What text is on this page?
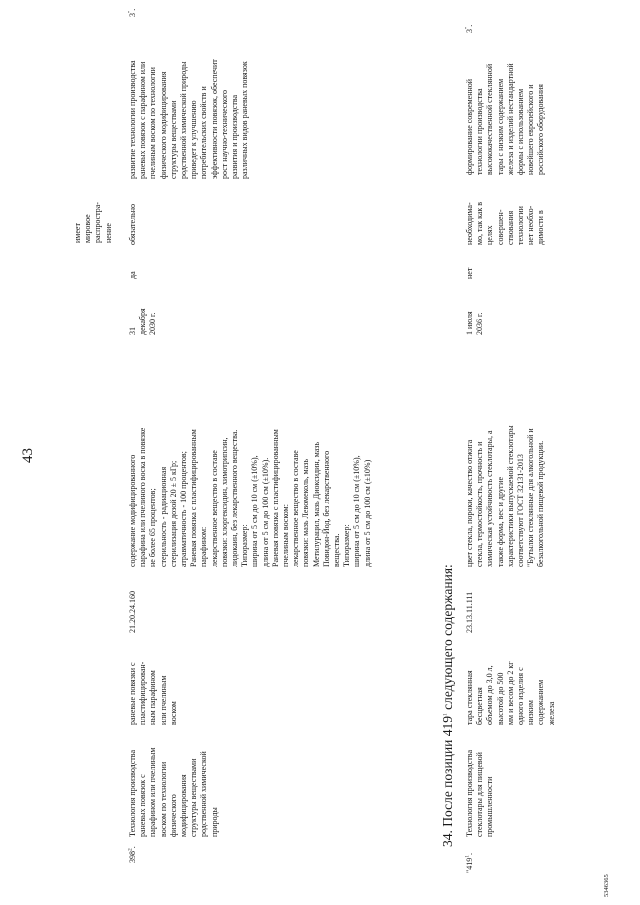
43
$398^2$.
Технология производства раневых повязок с парафином или пчелиным воском по технологии физического модифицирования структуры веществами родственной химической природы
раневые повязки с пластифицирован- ным парафином или пчелиным воском
21.20.24.160
содержание модифицированного парафина или пчелиного воска в повязке не более 65 процентов; стерильность - радиационная стерилизация дозой 20 ± 5 кГр; атравматичность - 100 процентов; Раневая повязка с пластифицированным парафином: лекарственное вещество в составе повязки: хлоргексидин, химотрипсин, лидокаин, без лекарственного вещества. Типоразмер: ширина от 5 см до 10 см (±10%), длина от 5 см до 100 см (±10%). Раневая повязка с пластифицированным пчелиным воском: лекарственное вещество в составе повязки: мазь Левомеколь, мазь Метилурацил, мазь Диоксидин, мазь Повидон-Йод, без лекарственного вещества. Типоразмер: ширина от 5 см до 10 см (±10%), длина от 5 см до 100 см (±10%)
31 декабря 2030 г.
да
обязательно
имеет мировое распростра- нение
развитие технологии производства раневых повязок с парафином или пчелиным воском по технологии физического модифицирования структуры веществами родственной химической природы приведет к улучшению потребительских свойств и эффективности повязок, обеспечит рост научно-технического развития и производства различных видов раневых повязок
3".
34. После позиции $419^1$ следующего содержания:
"$419^1$.
Технология производства стеклотары для пищевой промышленности
тара стеклянная бесцветная объемом до 3,0 л, высотой до 500 мм и весом до 2 кг одного изделия с низким содержанием железа
23.13.11.111
цвет стекла, пороки, качество отжига стекла, термостойкость, прочность и химическая устойчивость стеклотары, а также форма, вес и другие характеристики выпускаемой стеклотары соответствуют ГОСТ 32131-2013 "Бутылки стеклянные для алкогольной и безалкогольной пищевой продукции.
1 июля 2036 г.
нет
необходима- мо, так как в целях совершен- ствования технологии нет необхо- димости в
формирование современной технологии производства высококачественной стеклянной тары с низким содержанием железа и изделий нестандартной формы с использованием новейшего европейского и российского оборудования
3".
5346365
